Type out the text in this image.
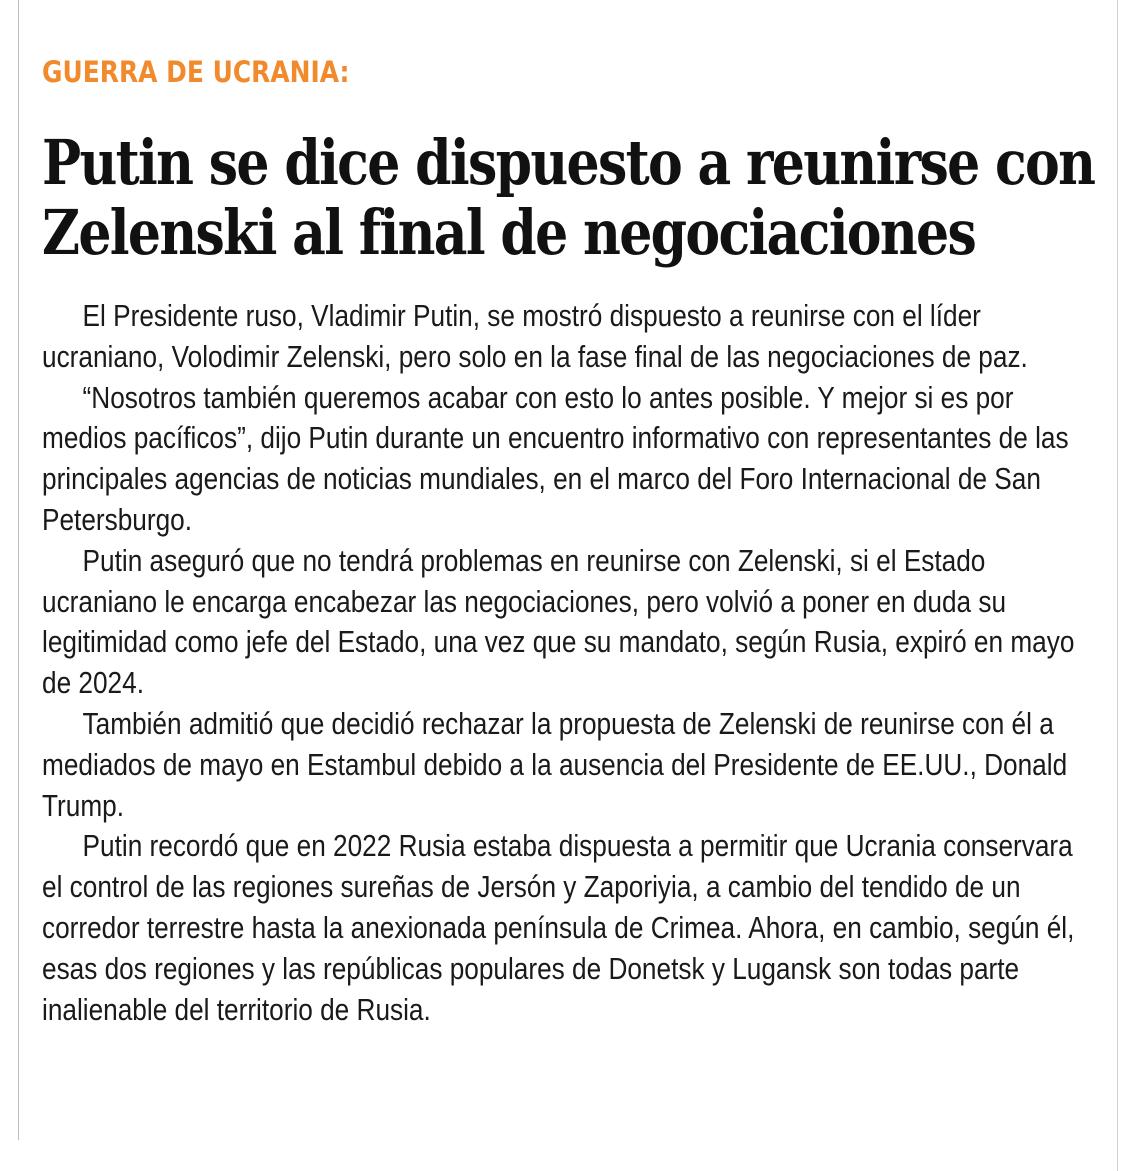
GUERRA DE UCRANIA:
Putin se dice dispuesto a reunirse con Zelenski al final de negociaciones

El Presidente ruso, Vladimir Putin, se mostró dispuesto a reunirse con el líder ucraniano, Volodimir Zelenski, pero solo en la fase final de las negociaciones de paz.

“Nosotros también queremos acabar con esto lo antes posible. Y mejor si es por medios pacíficos”, dijo Putin durante un encuentro informativo con representantes de las principales agencias de noticias mundiales, en el marco del Foro Internacional de San Petersburgo.

Putin aseguró que no tendrá problemas en reunirse con Zelenski, si el Estado ucraniano le encarga encabezar las negociaciones, pero volvió a poner en duda su legitimidad como jefe del Estado, una vez que su mandato, según Rusia, expiró en mayo de 2024.

También admitió que decidió rechazar la propuesta de Zelenski de reunirse con él a mediados de mayo en Estambul debido a la ausencia del Presidente de EE.UU., Donald Trump.

Putin recordó que en 2022 Rusia estaba dispuesta a permitir que Ucrania conservara el control de las regiones sureñas de Jersón y Zaporiyia, a cambio del tendido de un corredor terrestre hasta la anexionada península de Crimea. Ahora, en cambio, según él, esas dos regiones y las repúblicas populares de Donetsk y Lugansk son todas parte inalienable del territorio de Rusia.
